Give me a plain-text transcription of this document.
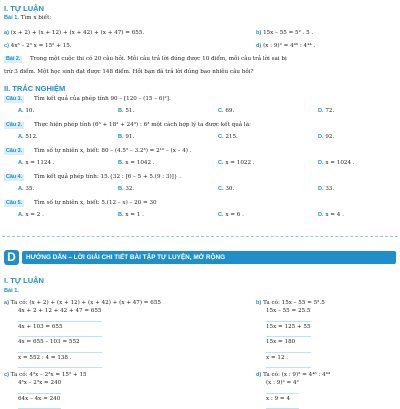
I. TỰ LUẬN
Bài 1. Tìm x biết:
a) (x + 2) + (x + 12) + (x + 42) + (x + 47) = 655.	b) 15x – 55 = 5² . 5 .
c) 4x³ – 2³ x = 15² + 15.	d) (x : 9)² = 4⁴⁶ : 4⁴⁴ .
Bài 2.	Trong một cuộc thi có 20 câu hỏi. Mỗi câu trả lời đúng được 10 điểm, mỗi câu trả lời sai bị
trừ 3 điểm. Một học sinh đạt được 148 điểm. Hỏi bạn đã trả lời đúng bao nhiêu câu hỏi?
II. TRẮC NGHIỆM
Câu 1.	Tìm kết quả của phép tính 90 – [120 – (15 – 6)²].
A. 10.	B. 51.	C. 69.	D. 72.
Câu 2.	Thực hiện phép tính (6³ + 18³ + 24³) : 6³ một cách hợp lý ta được kết quả là:
A. 512.	B. 91.	C. 215.	D. 92.
Câu 3.	Tìm số tự nhiên x, biết: 80 – (4.5² – 3.2³) = 2¹⁰ – (x – 4) .
A. x = 1124 .	B. x = 1042 .	C. x = 1022 .	D. x = 1024 .
Câu 4.	Tìm kết quả phép tính: 15.{32 : [6 – 5 + 5.(9 : 3)]} .
A. 35.	B. 32.	C. 30.	D. 33.
Câu 5.	Tìm số tự nhiên x, biết: 5.(12 – x) – 20 = 30
A. x = 2 .	B. x = 1 .	C. x = 6 .	D. x = 4 .
D	HƯỚNG DẪN – LỜI GIẢI CHI TIẾT BÀI TẬP TỰ LUYỆN, MỞ RỘNG
I. TỰ LUẬN
Bài 1.
a) Ta có: (x + 2) + (x + 12) + (x + 42) + (x + 47) = 655
4x + 2 + 12 + 42 + 47 = 655
4x + 103 = 655
4x = 655 – 103 = 552
x = 552 : 4 = 138 .
c) Ta có: 4³x – 2³x = 15² + 15
4³x – 2³x = 240
64x – 4x = 240
b) Ta có: 15x – 55 = 5².5
15x – 55 = 25.5
15x = 125 + 55
15x = 180
x = 12 .
d) Ta có: (x : 9)² = 4⁴⁶ : 4⁴⁴
(x : 9)² = 4²
x : 9 = 4
